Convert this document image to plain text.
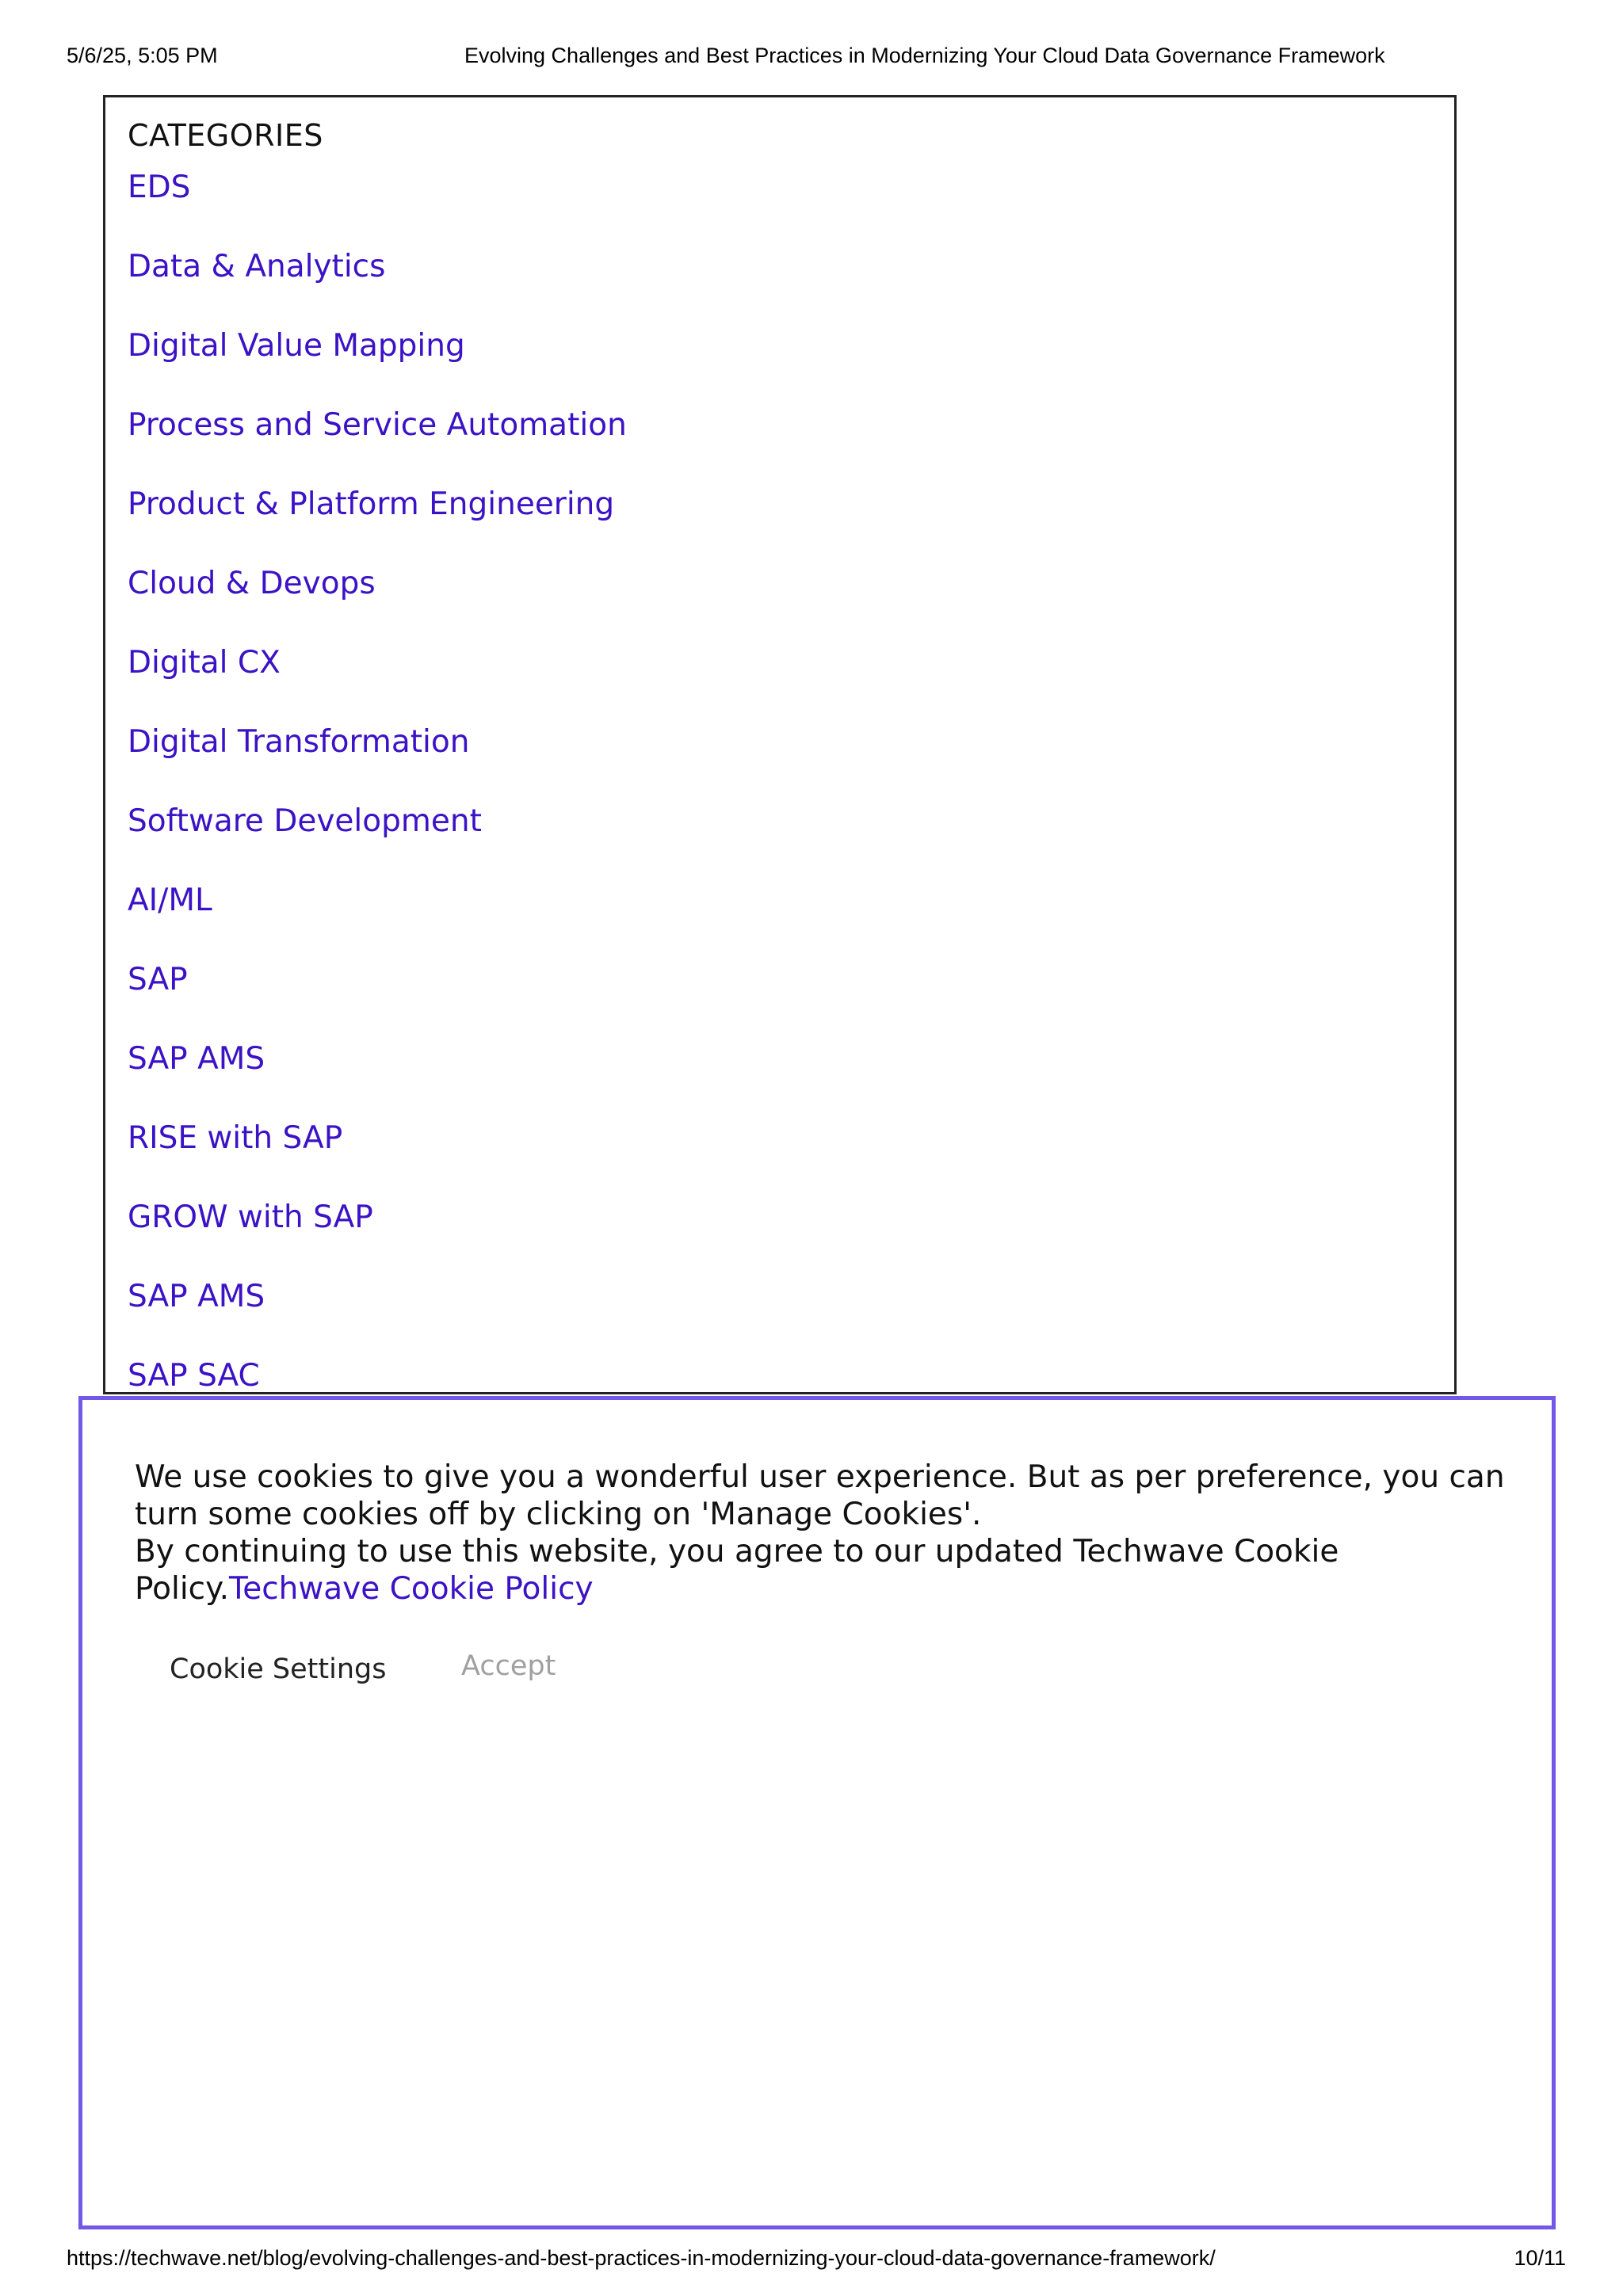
5/6/25, 5:05 PM	Evolving Challenges and Best Practices in Modernizing Your Cloud Data Governance Framework
CATEGORIES
EDS
Data & Analytics
Digital Value Mapping
Process and Service Automation
Product & Platform Engineering
Cloud & Devops
Digital CX
Digital Transformation
Software Development
AI/ML
SAP
SAP AMS
RISE with SAP
GROW with SAP
SAP AMS
SAP SAC
We use cookies to give you a wonderful user experience. But as per preference, you can turn some cookies off by clicking on 'Manage Cookies'.
By continuing to use this website, you agree to our updated Techwave Cookie Policy.Techwave Cookie Policy
Cookie Settings	Accept
https://techwave.net/blog/evolving-challenges-and-best-practices-in-modernizing-your-cloud-data-governance-framework/	10/11
